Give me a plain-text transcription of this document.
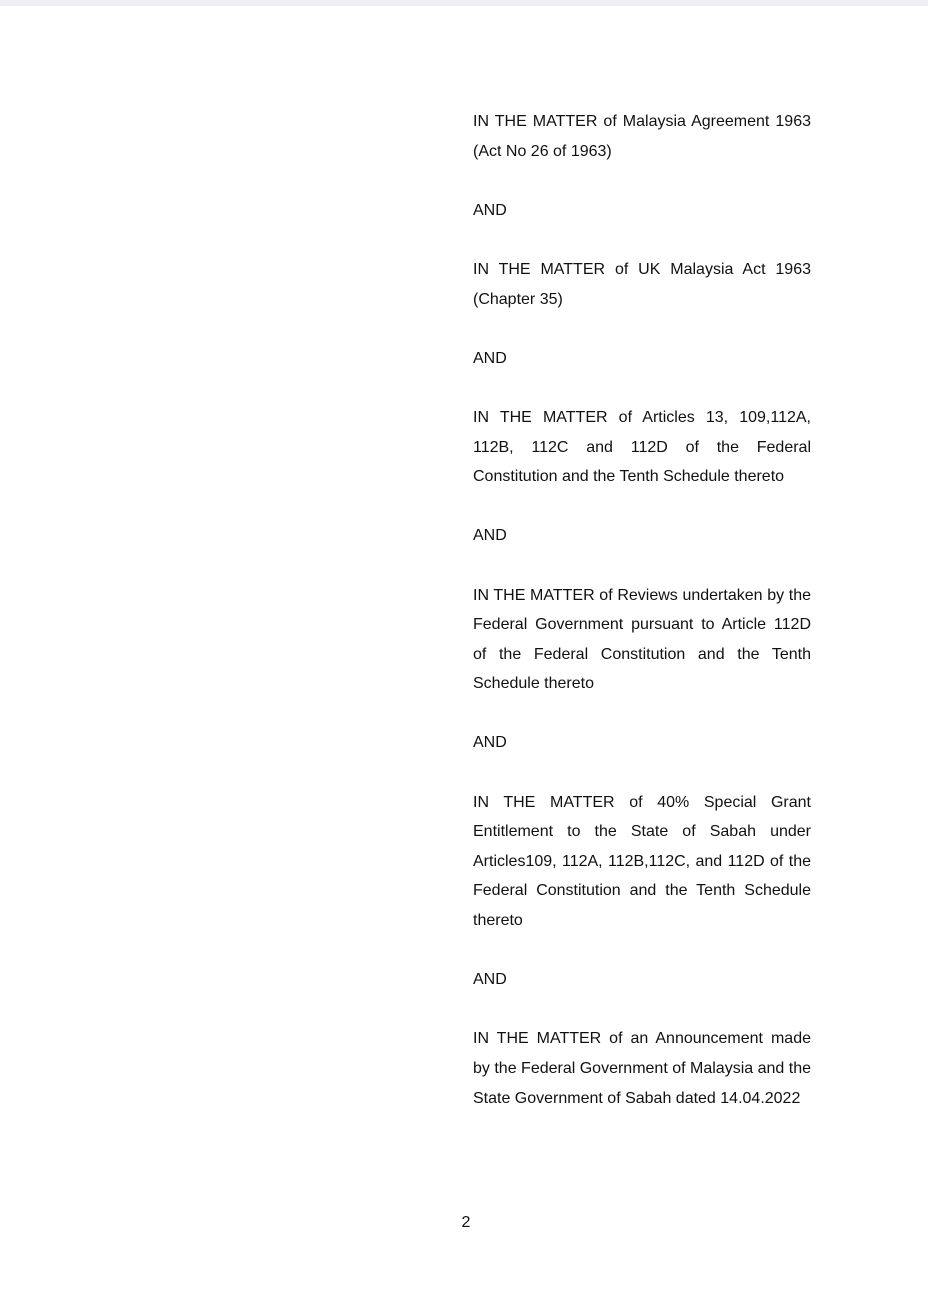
IN THE MATTER of Malaysia Agreement 1963 (Act No 26 of 1963)

AND

IN THE MATTER of UK Malaysia Act 1963 (Chapter 35)

AND

IN THE MATTER of Articles 13, 109,112A, 112B, 112C and 112D of the Federal Constitution and the Tenth Schedule thereto

AND

IN THE MATTER of Reviews undertaken by the Federal Government pursuant to Article 112D of the Federal Constitution and the Tenth Schedule thereto

AND

IN THE MATTER of 40% Special Grant Entitlement to the State of Sabah under Articles109, 112A, 112B,112C, and 112D of the Federal Constitution and the Tenth Schedule thereto

AND

IN THE MATTER of an Announcement made by the Federal Government of Malaysia and the State Government of Sabah dated 14.04.2022

2
